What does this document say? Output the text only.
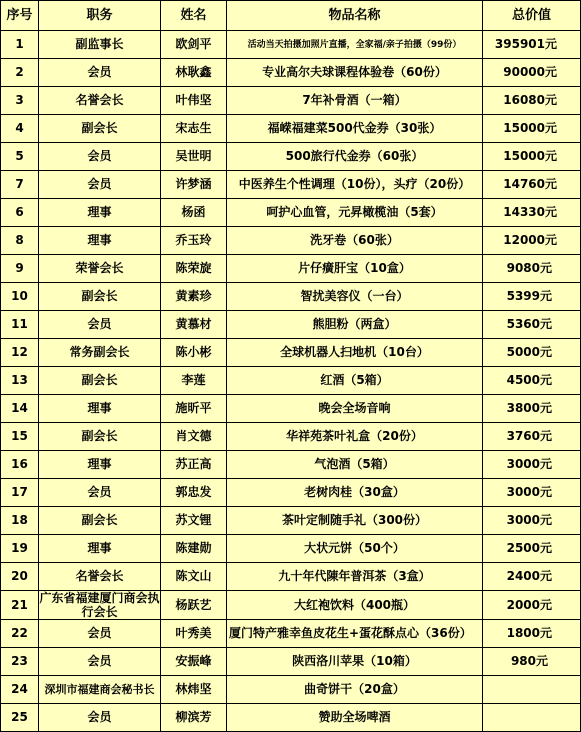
序号	职务	姓名	物品名称	总价值
1	副监事长	欧剑平	活动当天拍摄加照片直播，全家福/亲子拍摄（99份）	395901元
2	会员	林耿鑫	专业高尔夫球课程体验卷（60份）	90000元
3	名誉会长	叶伟坚	7年补骨酒（一箱）	16080元
4	副会长	宋志生	福嵘福建菜500代金券（30张）	15000元
5	会员	吴世明	500旅行代金券（60张）	15000元
7	会员	许梦涵	中医养生个性调理（10份），头疗（20份）	14760元
6	理事	杨函	呵护心血管，元昇橄榄油（5套）	14330元
8	理事	乔玉玲	洗牙卷（60张）	12000元
9	荣誉会长	陈荣旋	片仔癀肝宝（10盒）	9080元
10	副会长	黄素珍	智扰美容仪（一台）	5399元
11	会员	黄慕材	熊胆粉（两盒）	5360元
12	常务副会长	陈小彬	全球机器人扫地机（10台）	5000元
13	副会长	李莲	红酒（5箱）	4500元
14	理事	施昕平	晚会全场音响	3800元
15	副会长	肖文德	华祥苑茶叶礼盒（20份）	3760元
16	理事	苏正高	气泡酒（5箱）	3000元
17	会员	郭忠发	老树肉桂（30盒）	3000元
18	副会长	苏文锂	茶叶定制随手礼（300份）	3000元
19	理事	陈建勋	大状元饼（50个）	2500元
20	名誉会长	陈文山	九十年代陳年普洱茶（3盒）	2400元
21	广东省福建厦门商会执行会长	杨跃艺	大红袍饮料（400瓶）	2000元
22	会员	叶秀美	厦门特产雅幸鱼皮花生+蛋花酥点心（36份）	1800元
23	会员	安振峰	陕西洛川苹果（10箱）	980元
24	深圳市福建商会秘书长	林炜坚	曲奇饼干（20盒）	
25	会员	柳滨芳	赞助全场啤酒	
